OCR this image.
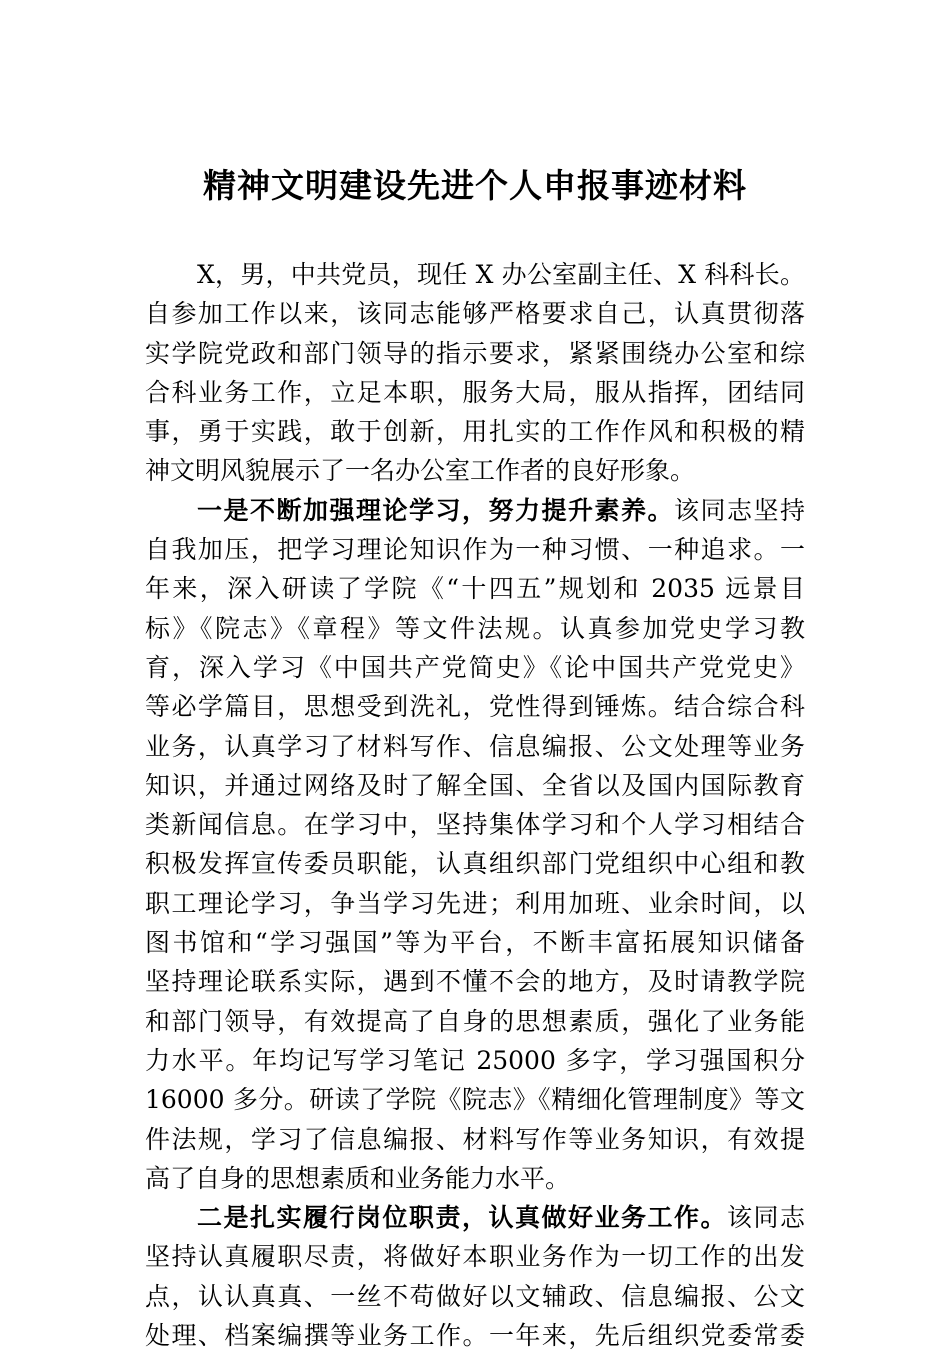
精神文明建设先进个人申报事迹材料
X，男，中共党员，现任 X 办公室副主任、X 科科长。
自参加工作以来，该同志能够严格要求自己，认真贯彻落
实学院党政和部门领导的指示要求，紧紧围绕办公室和综
合科业务工作，立足本职，服务大局，服从指挥，团结同
事，勇于实践，敢于创新，用扎实的工作作风和积极的精
神文明风貌展示了一名办公室工作者的良好形象。
一是不断加强理论学习，努力提升素养。该同志坚持
自我加压，把学习理论知识作为一种习惯、一种追求。一
年来，深入研读了学院《“十四五”规划和 2035 远景目
标》《院志》《章程》等文件法规。认真参加党史学习教
育，深入学习《中国共产党简史》《论中国共产党党史》
等必学篇目，思想受到洗礼，党性得到锤炼。结合综合科
业务，认真学习了材料写作、信息编报、公文处理等业务
知识，并通过网络及时了解全国、全省以及国内国际教育
类新闻信息。在学习中，坚持集体学习和个人学习相结合
积极发挥宣传委员职能，认真组织部门党组织中心组和教
职工理论学习，争当学习先进；利用加班、业余时间，以
图书馆和“学习强国”等为平台，不断丰富拓展知识储备
坚持理论联系实际，遇到不懂不会的地方，及时请教学院
和部门领导，有效提高了自身的思想素质，强化了业务能
力水平。年均记写学习笔记 25000 多字，学习强国积分
16000 多分。研读了学院《院志》《精细化管理制度》等文
件法规，学习了信息编报、材料写作等业务知识，有效提
高了自身的思想素质和业务能力水平。
二是扎实履行岗位职责，认真做好业务工作。该同志
坚持认真履职尽责，将做好本职业务作为一切工作的出发
点，认认真真、一丝不苟做好以文辅政、信息编报、公文
处理、档案编撰等业务工作。一年来，先后组织党委常委
